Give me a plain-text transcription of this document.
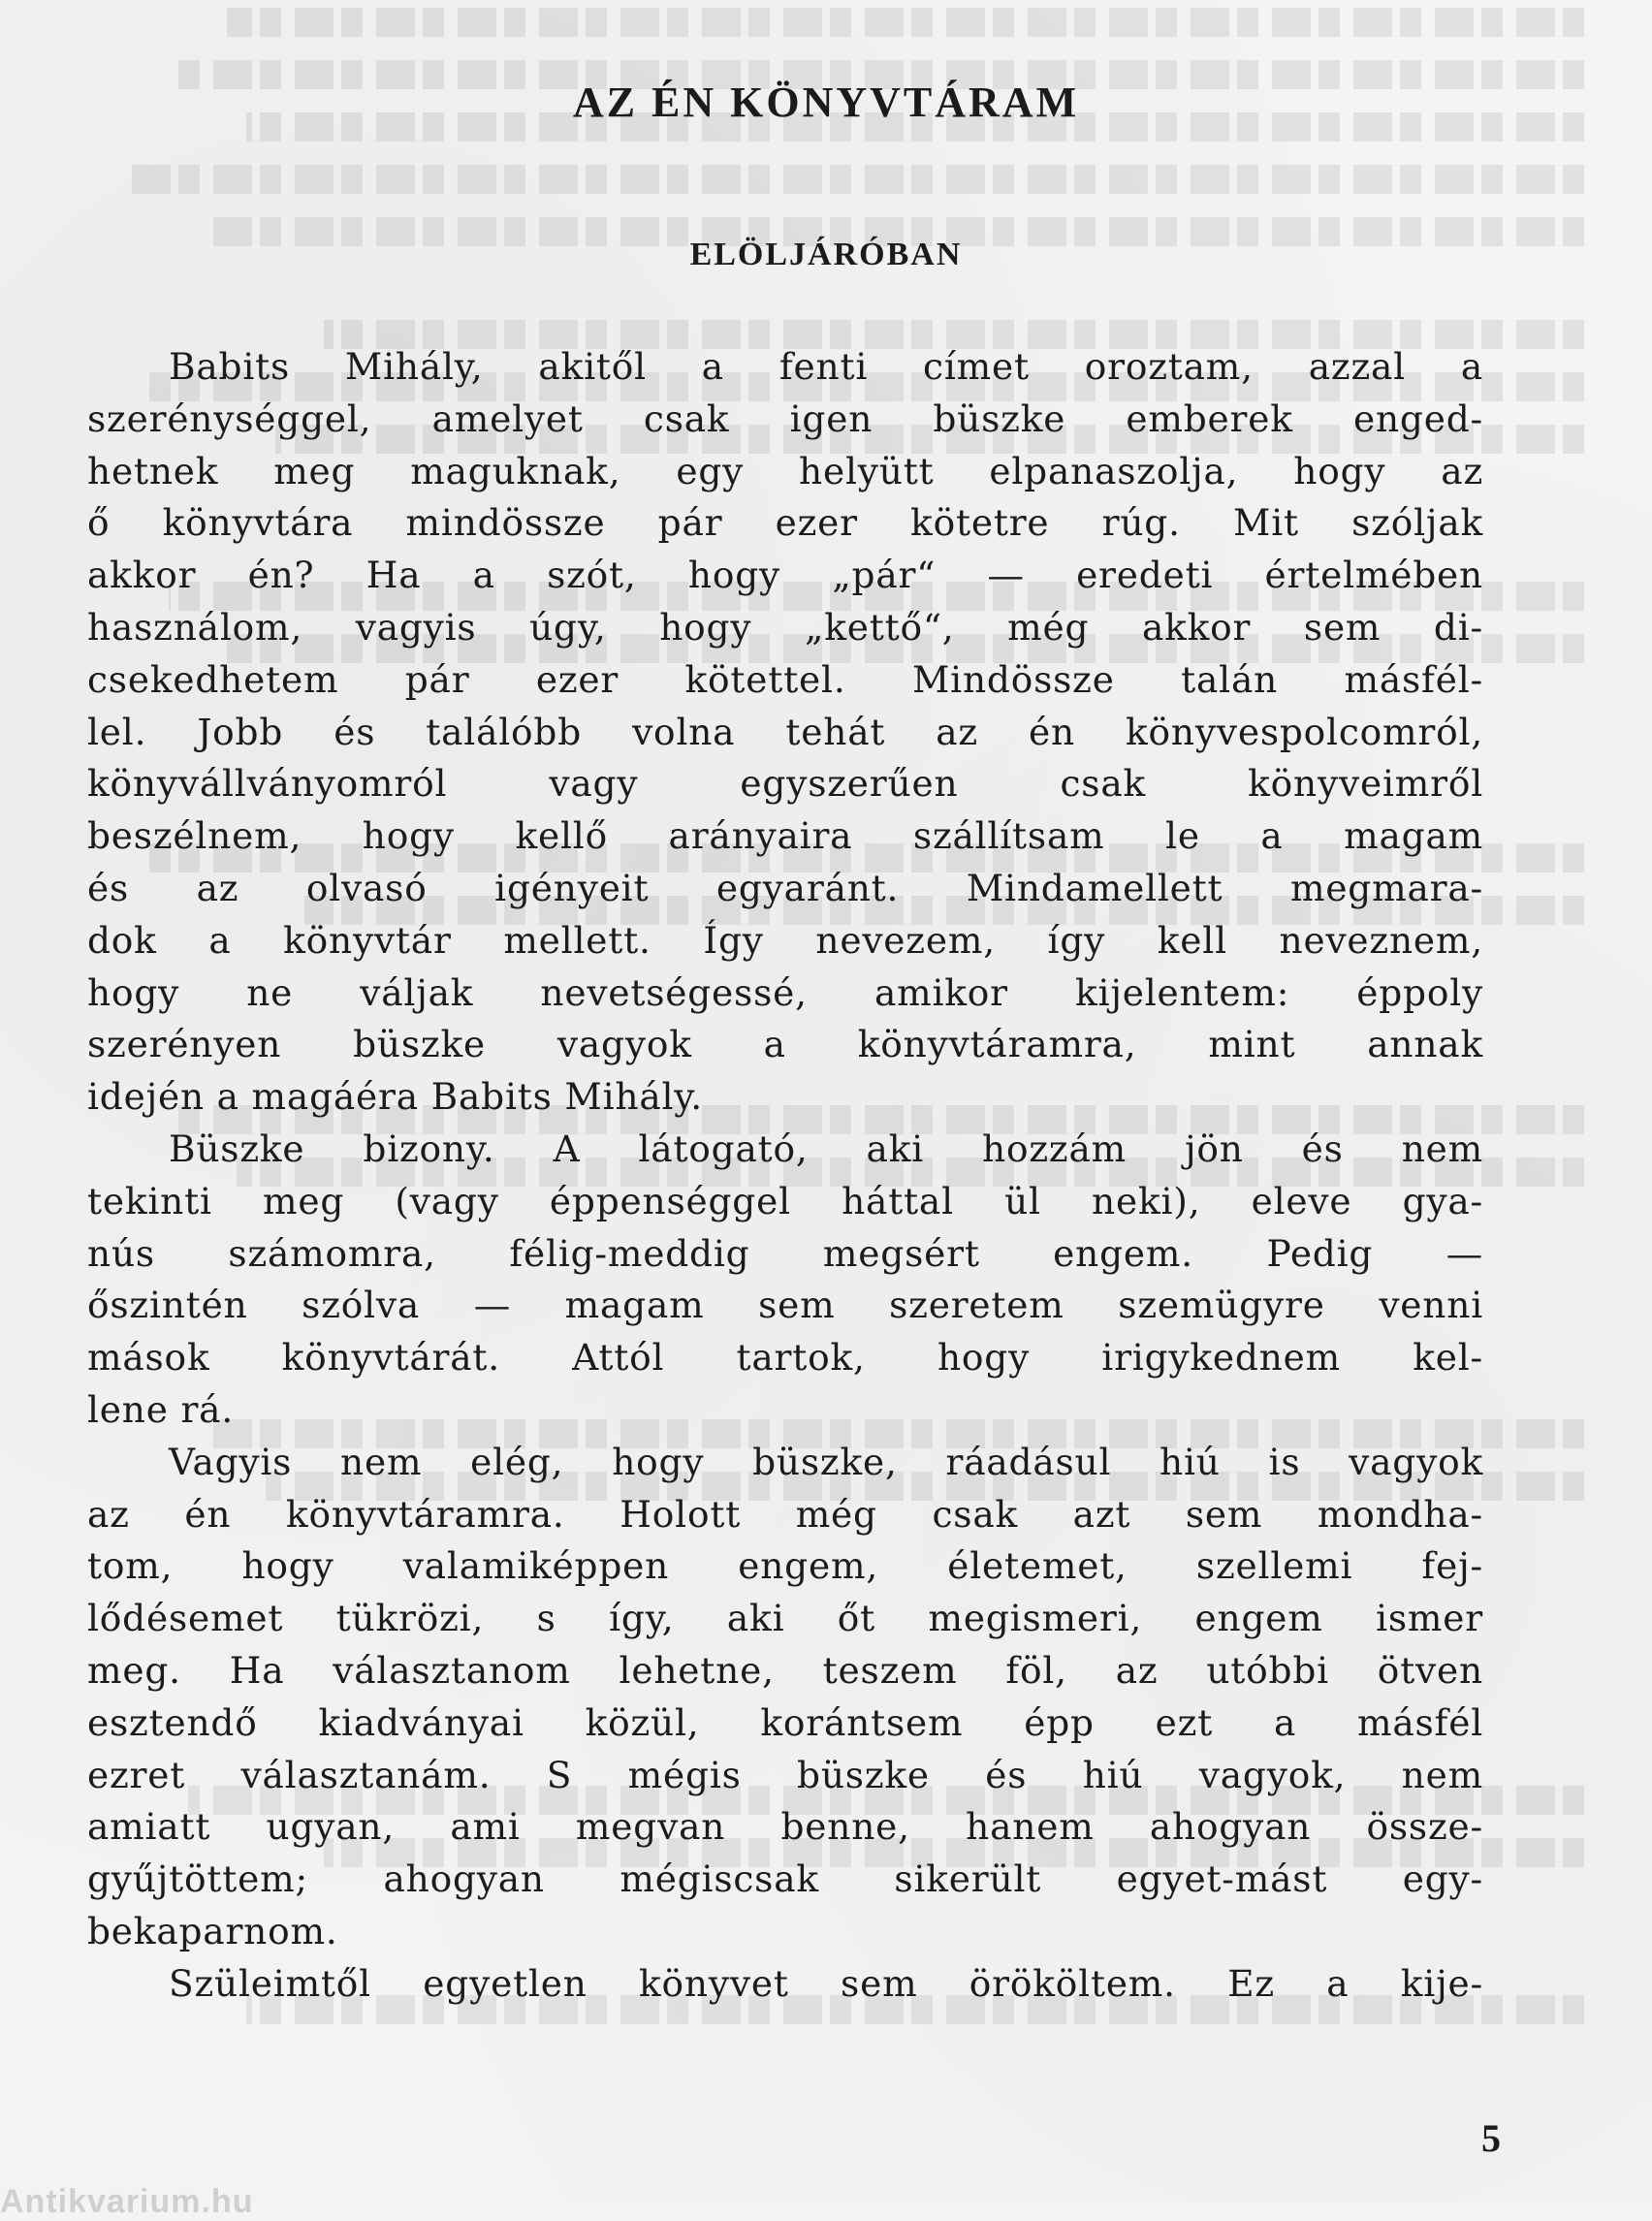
AZ ÉN KÖNYVTÁRAM
ELÖLJÁRÓBAN
Babits Mihály, akitől a fenti címet oroztam, azzal a
szerénységgel, amelyet csak igen büszke emberek enged-
hetnek meg maguknak, egy helyütt elpanaszolja, hogy az
ő könyvtára mindössze pár ezer kötetre rúg. Mit szóljak
akkor én? Ha a szót, hogy „pár“ — eredeti értelmében
használom, vagyis úgy, hogy „kettő“, még akkor sem di-
csekedhetem pár ezer kötettel. Mindössze talán másfél-
lel. Jobb és találóbb volna tehát az én könyvespolcomról,
könyvállványomról vagy egyszerűen csak könyveimről
beszélnem, hogy kellő arányaira szállítsam le a magam
és az olvasó igényeit egyaránt. Mindamellett megmara-
dok a könyvtár mellett. Így nevezem, így kell neveznem,
hogy ne váljak nevetségessé, amikor kijelentem: éppoly
szerényen büszke vagyok a könyvtáramra, mint annak
idején a magáéra Babits Mihály.
Büszke bizony. A látogató, aki hozzám jön és nem
tekinti meg (vagy éppenséggel háttal ül neki), eleve gya-
nús számomra, félig-meddig megsért engem. Pedig —
őszintén szólva — magam sem szeretem szemügyre venni
mások könyvtárát. Attól tartok, hogy irigykednem kel-
lene rá.
Vagyis nem elég, hogy büszke, ráadásul hiú is vagyok
az én könyvtáramra. Holott még csak azt sem mondha-
tom, hogy valamiképpen engem, életemet, szellemi fej-
lődésemet tükrözi, s így, aki őt megismeri, engem ismer
meg. Ha választanom lehetne, teszem föl, az utóbbi ötven
esztendő kiadványai közül, korántsem épp ezt a másfél
ezret választanám. S mégis büszke és hiú vagyok, nem
amiatt ugyan, ami megvan benne, hanem ahogyan össze-
gyűjtöttem; ahogyan mégiscsak sikerült egyet-mást egy-
bekaparnom.
Szüleimtől egyetlen könyvet sem örököltem. Ez a kije-
5
Antikvarium.hu
